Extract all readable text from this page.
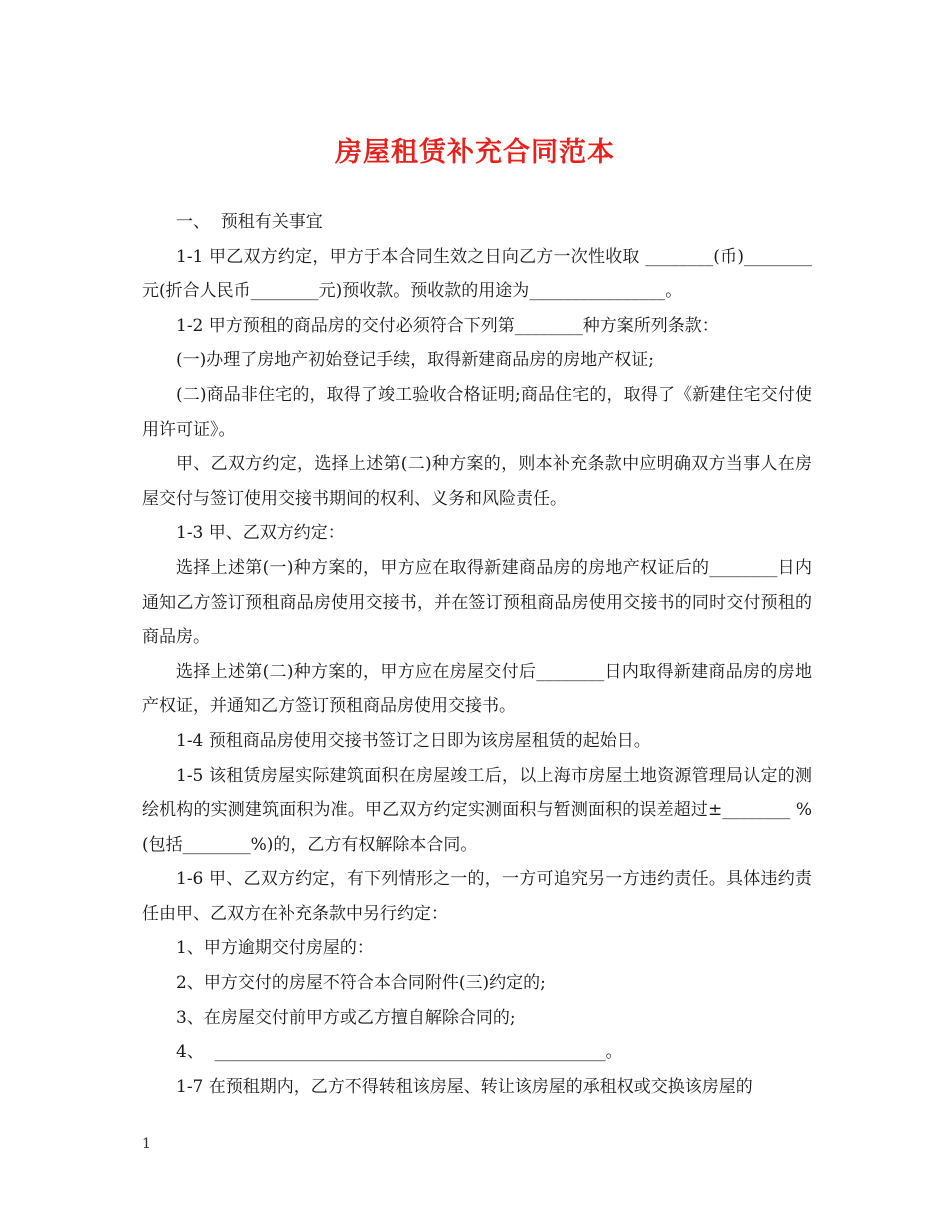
房屋租赁补充合同范本

一、  预租有关事宜

1-1 甲乙双方约定，甲方于本合同生效之日向乙方一次性收取 ________(币)________元(折合人民币________元)预收款。预收款的用途为________________。

1-2 甲方预租的商品房的交付必须符合下列第________种方案所列条款：

(一)办理了房地产初始登记手续，取得新建商品房的房地产权证;

(二)商品非住宅的，取得了竣工验收合格证明;商品住宅的，取得了《新建住宅交付使用许可证》。

甲、乙双方约定，选择上述第(二)种方案的，则本补充条款中应明确双方当事人在房屋交付与签订使用交接书期间的权利、义务和风险责任。

1-3 甲、乙双方约定：

选择上述第(一)种方案的，甲方应在取得新建商品房的房地产权证后的________日内通知乙方签订预租商品房使用交接书，并在签订预租商品房使用交接书的同时交付预租的商品房。

选择上述第(二)种方案的，甲方应在房屋交付后________日内取得新建商品房的房地产权证，并通知乙方签订预租商品房使用交接书。

1-4 预租商品房使用交接书签订之日即为该房屋租赁的起始日。

1-5 该租赁房屋实际建筑面积在房屋竣工后，以上海市房屋土地资源管理局认定的测绘机构的实测建筑面积为准。甲乙双方约定实测面积与暂测面积的误差超过±________ %(包括________%)的，乙方有权解除本合同。

1-6 甲、乙双方约定，有下列情形之一的，一方可追究另一方违约责任。具体违约责任由甲、乙双方在补充条款中另行约定：

1、甲方逾期交付房屋的：

2、甲方交付的房屋不符合本合同附件(三)约定的;

3、在房屋交付前甲方或乙方擅自解除合同的;

4、  ______________________________________________。

1-7 在预租期内，乙方不得转租该房屋、转让该房屋的承租权或交换该房屋的

1
